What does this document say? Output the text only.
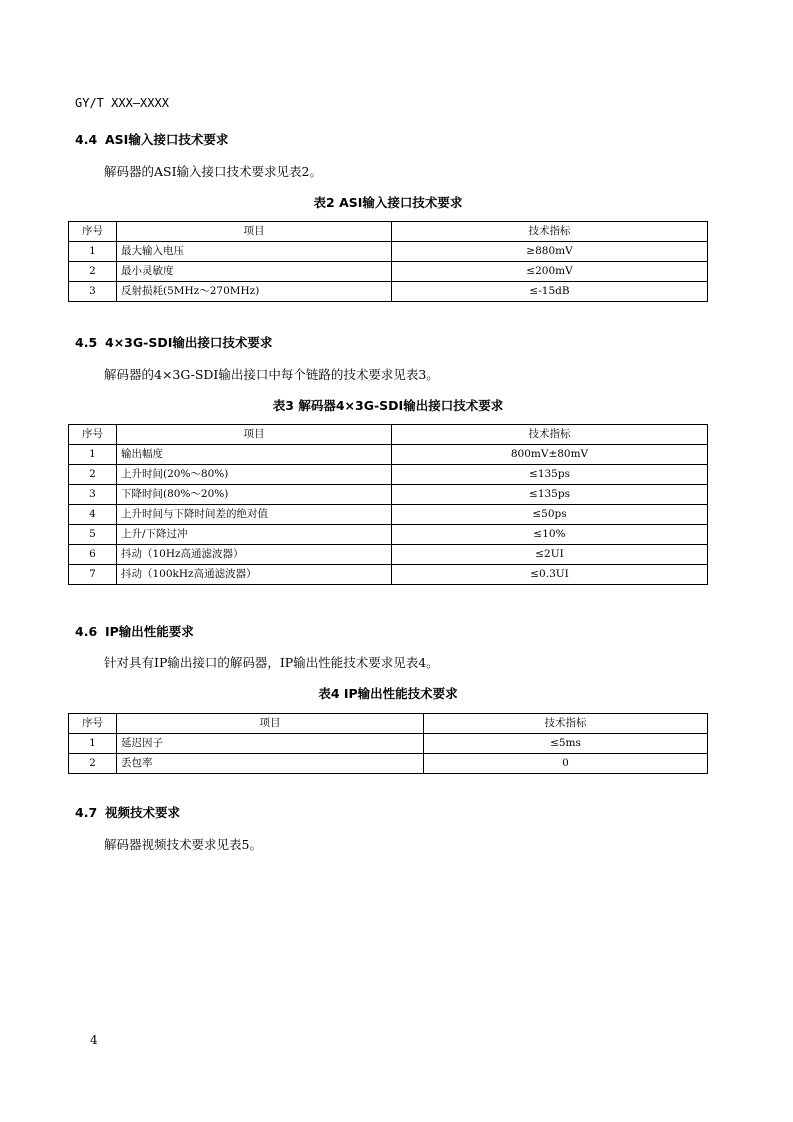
GY/T XXX—XXXX
4.4 ASI输入接口技术要求
解码器的ASI输入接口技术要求见表2。
表2 ASI输入接口技术要求
序号	项目	技术指标
1	最大输入电压	≥880mV
2	最小灵敏度	≤200mV
3	反射损耗(5MHz～270MHz)	≤-15dB
4.5 4×3G-SDI输出接口技术要求
解码器的4×3G-SDI输出接口中每个链路的技术要求见表3。
表3 解码器4×3G-SDI输出接口技术要求
序号	项目	技术指标
1	输出幅度	800mV±80mV
2	上升时间(20%～80%)	≤135ps
3	下降时间(80%～20%)	≤135ps
4	上升时间与下降时间差的绝对值	≤50ps
5	上升/下降过冲	≤10%
6	抖动（10Hz高通滤波器）	≤2UI
7	抖动（100kHz高通滤波器）	≤0.3UI
4.6 IP输出性能要求
针对具有IP输出接口的解码器，IP输出性能技术要求见表4。
表4 IP输出性能技术要求
序号	项目	技术指标
1	延迟因子	≤5ms
2	丢包率	0
4.7 视频技术要求
解码器视频技术要求见表5。
4
